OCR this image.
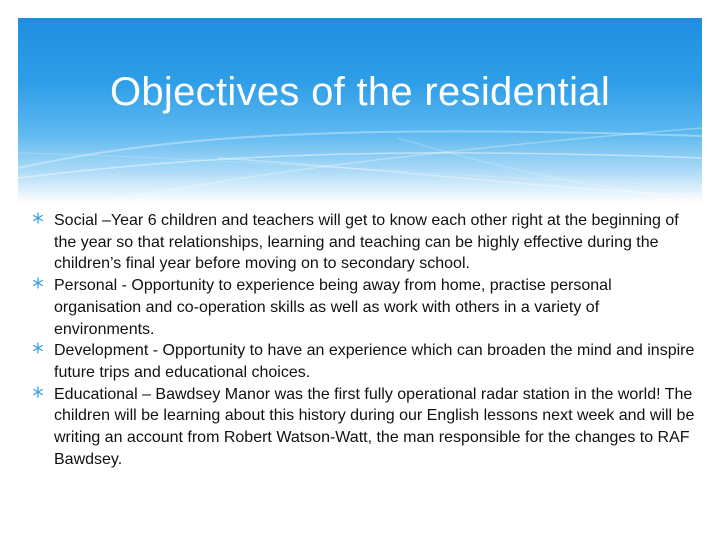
Objectives of the residential
Social –Year 6 children and teachers will get to know each other right at the beginning of the year so that relationships, learning and teaching can be highly effective during the children’s final year before moving on to secondary school.
Personal - Opportunity to experience being away from home, practise personal organisation and co-operation skills as well as work with others in a variety of environments.
Development - Opportunity to have an experience which can broaden the mind and inspire future trips and educational choices.
Educational – Bawdsey Manor was the first fully operational radar station in the world! The children will be learning about this history during our English lessons next week and will be writing an account from Robert Watson-Watt, the man responsible for the changes to RAF Bawdsey.
